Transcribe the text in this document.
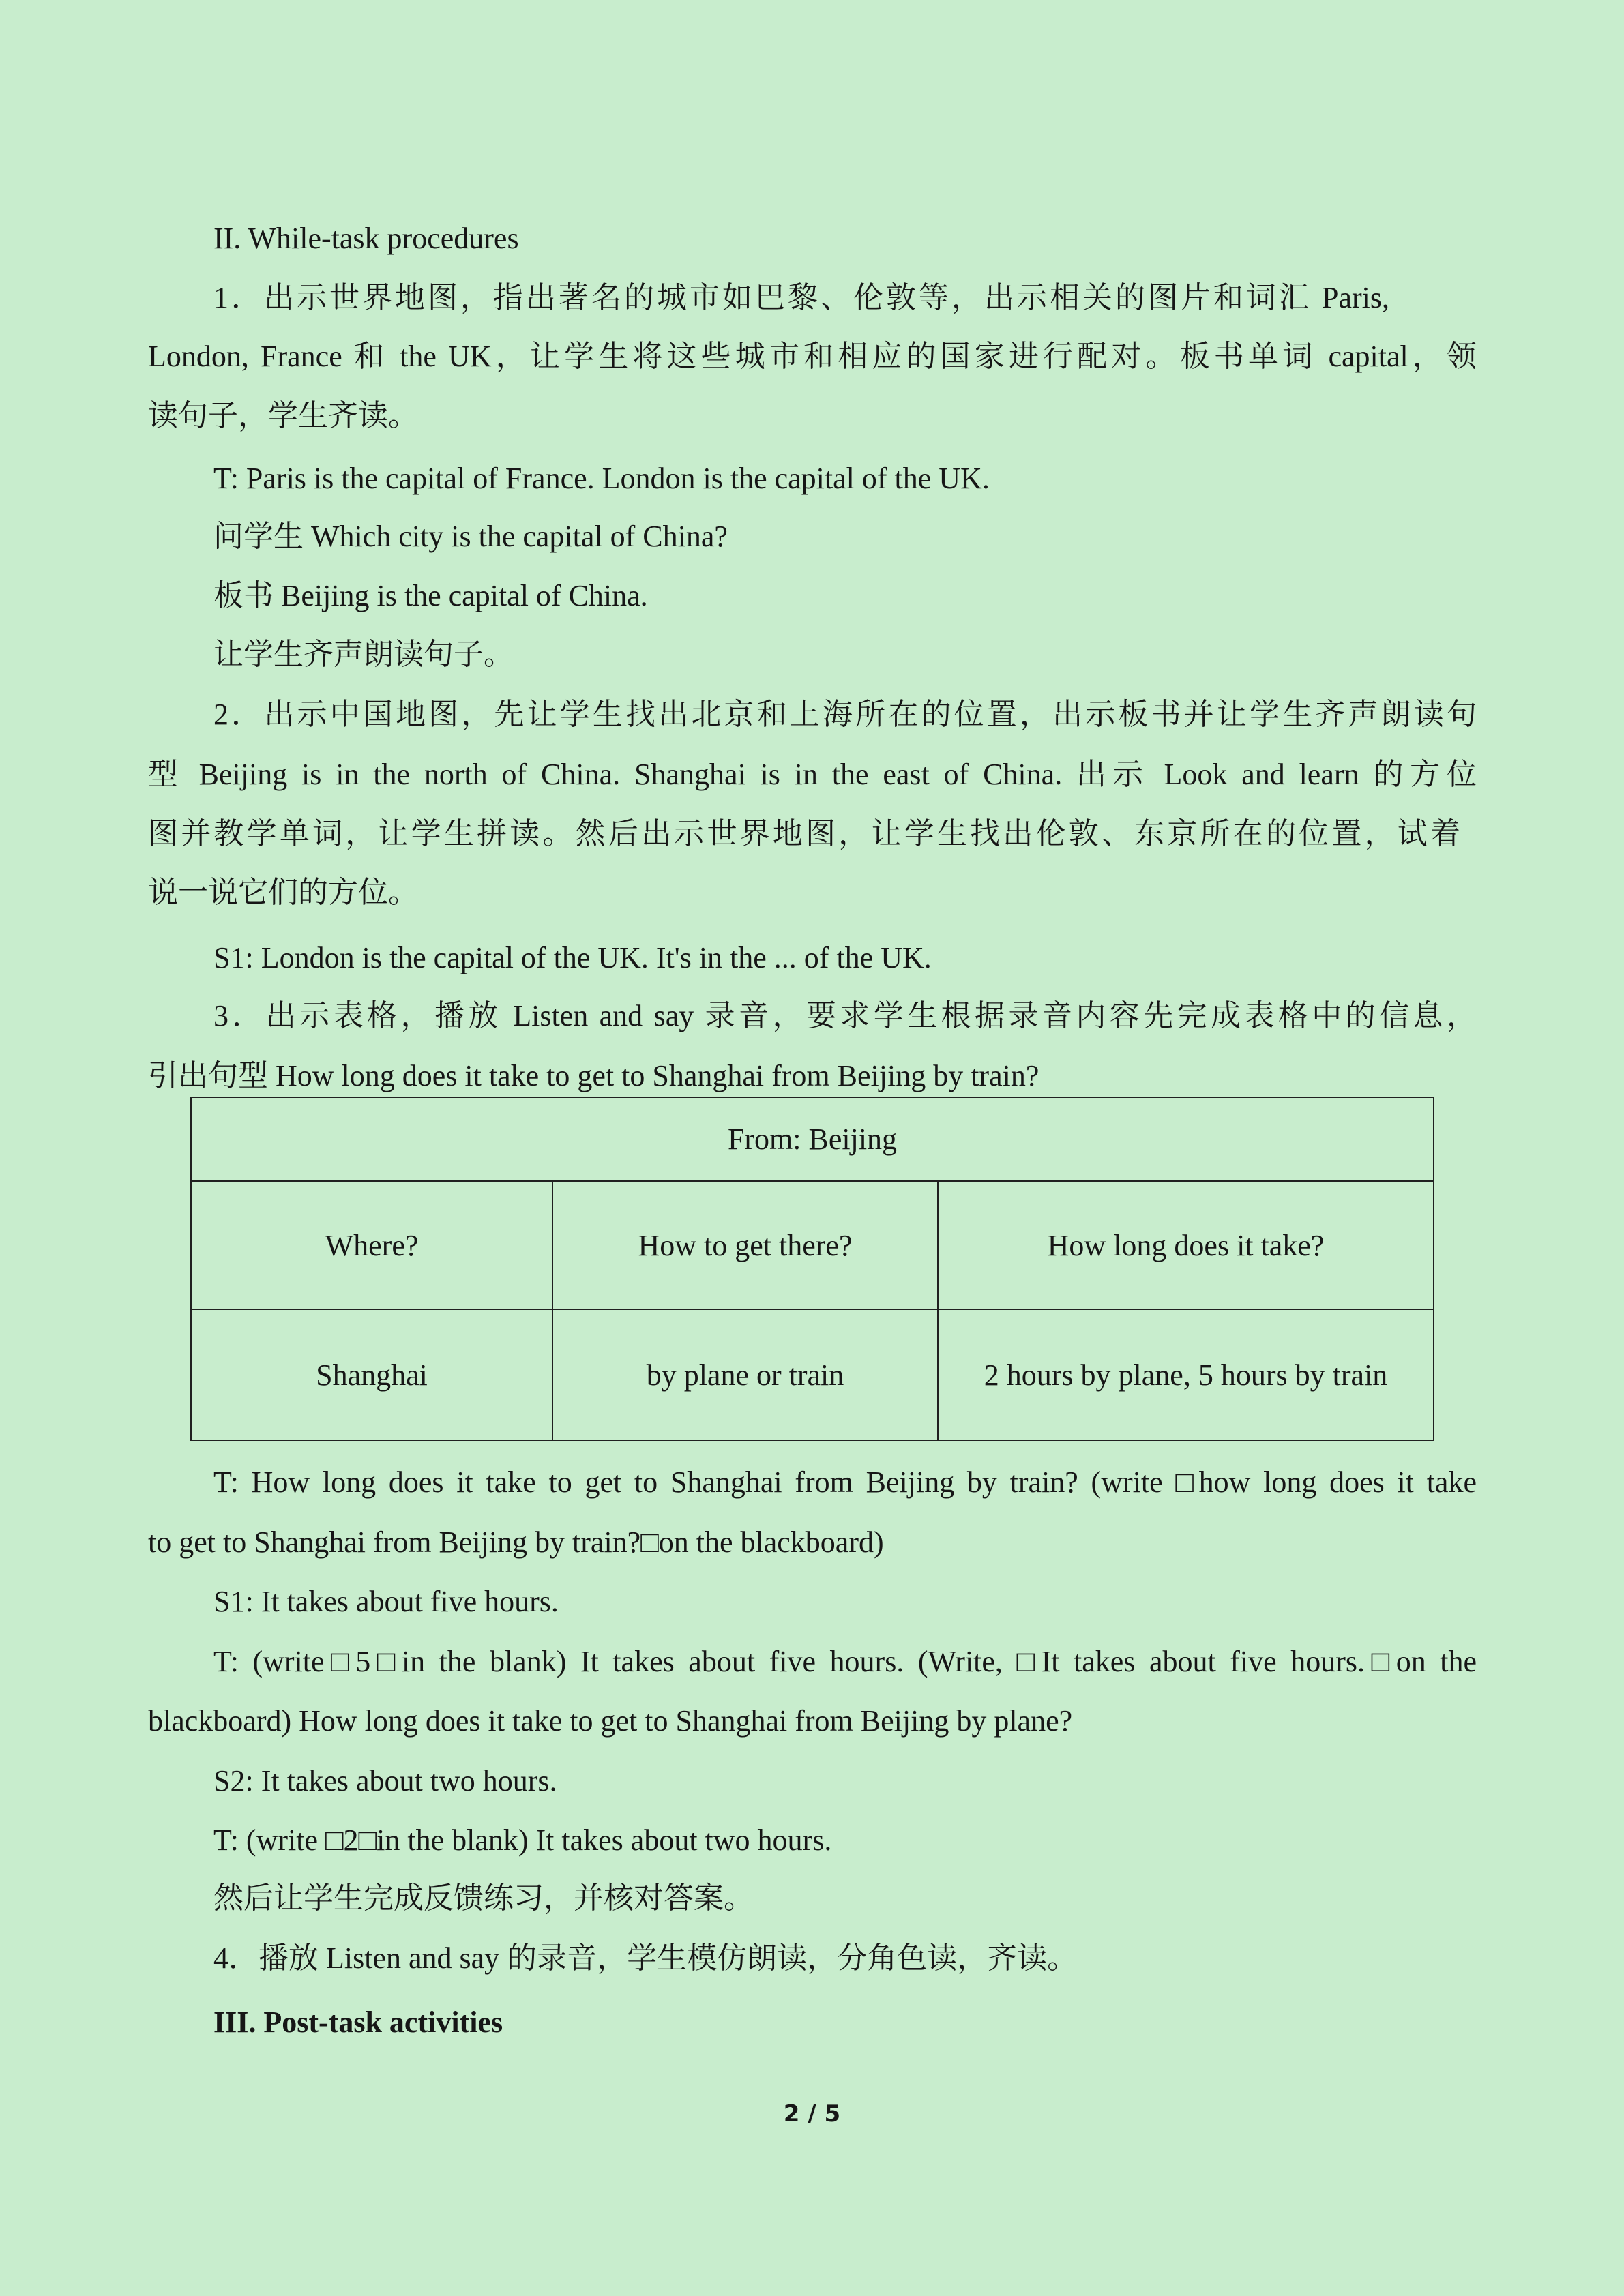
II. While-task procedures
1．出示世界地图，指出著名的城市如巴黎、伦敦等，出示相关的图片和词汇 Paris,
London, France 和 the UK，让学生将这些城市和相应的国家进行配对。板书单词 capital，领
读句子，学生齐读。
T: Paris is the capital of France. London is the capital of the UK.
问学生 Which city is the capital of China?
板书 Beijing is the capital of China.
让学生齐声朗读句子。
2．出示中国地图，先让学生找出北京和上海所在的位置，出示板书并让学生齐声朗读句
型 Beijing is in the north of China. Shanghai is in the east of China. 出示 Look and learn 的方位
图并教学单词，让学生拼读。然后出示世界地图，让学生找出伦敦、东京所在的位置，试着
说一说它们的方位。
S1: London is the capital of the UK. It's in the ... of the UK.
3．出示表格，播放 Listen and say 录音，要求学生根据录音内容先完成表格中的信息，
引出句型 How long does it take to get to Shanghai from Beijing by train?
From: Beijing		
Where?	How to get there?	How long does it take?
Shanghai	by plane or train	2 hours by plane, 5 hours by train
T: How long does it take to get to Shanghai from Beijing by train? (write □how long does it take
to get to Shanghai from Beijing by train?□on the blackboard)
S1: It takes about five hours.
T: (write□5□in the blank) It takes about five hours. (Write, □It takes about five hours.□on the
blackboard) How long does it take to get to Shanghai from Beijing by plane?
S2: It takes about two hours.
T: (write □2□in the blank) It takes about two hours.
然后让学生完成反馈练习，并核对答案。
4．播放 Listen and say 的录音，学生模仿朗读，分角色读，齐读。
III. Post-task activities
2 / 5
